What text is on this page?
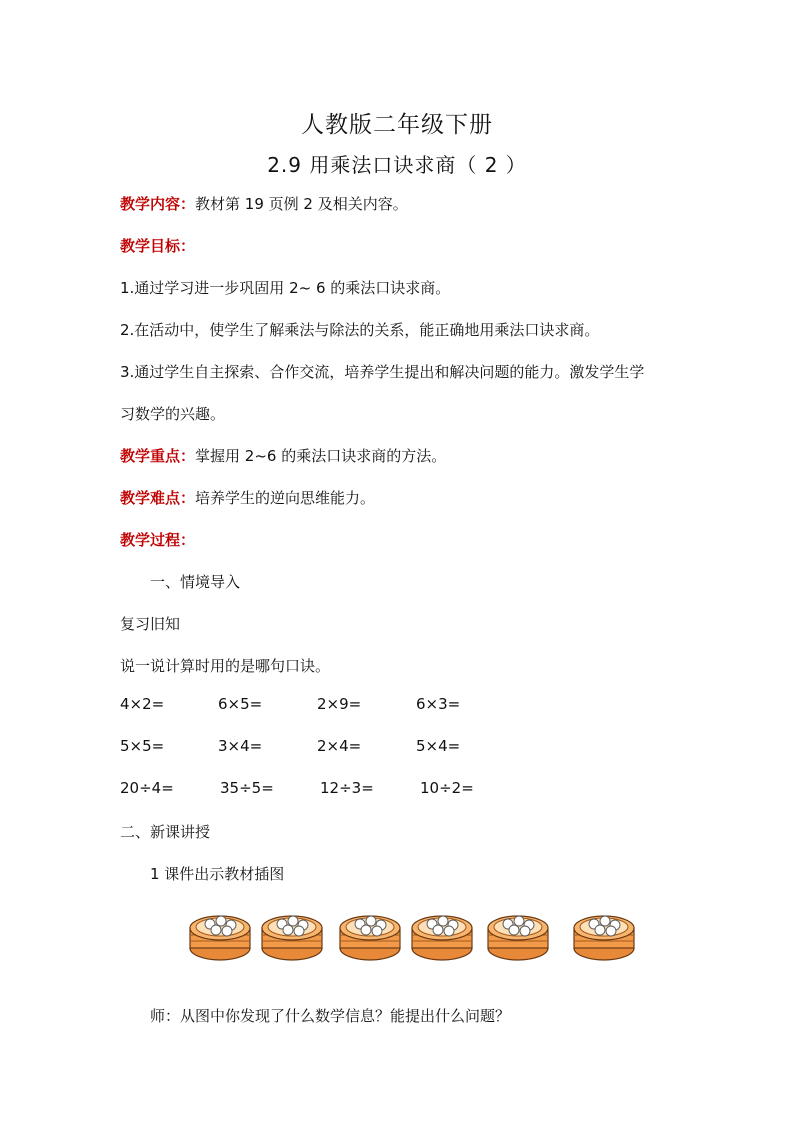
人教版二年级下册
2.9 用乘法口诀求商（ 2 ）
教学内容：教材第 19 页例 2 及相关内容。
教学目标：
1.通过学习进一步巩固用 2~ 6 的乘法口诀求商。
2.在活动中，使学生了解乘法与除法的关系，能正确地用乘法口诀求商。
3.通过学生自主探索、合作交流，培养学生提出和解决问题的能力。激发学生学
习数学的兴趣。
教学重点：掌握用 2~6 的乘法口诀求商的方法。
教学难点：培养学生的逆向思维能力。
教学过程：
一、情境导入
复习旧知
说一说计算时用的是哪句口诀。
4×2=	6×5=	2×9=	6×3=
5×5=	3×4=	2×4=	5×4=
20÷4=	35÷5=	12÷3=	10÷2=
二、新课讲授
1 课件出示教材插图
师：从图中你发现了什么数学信息？能提出什么问题？
